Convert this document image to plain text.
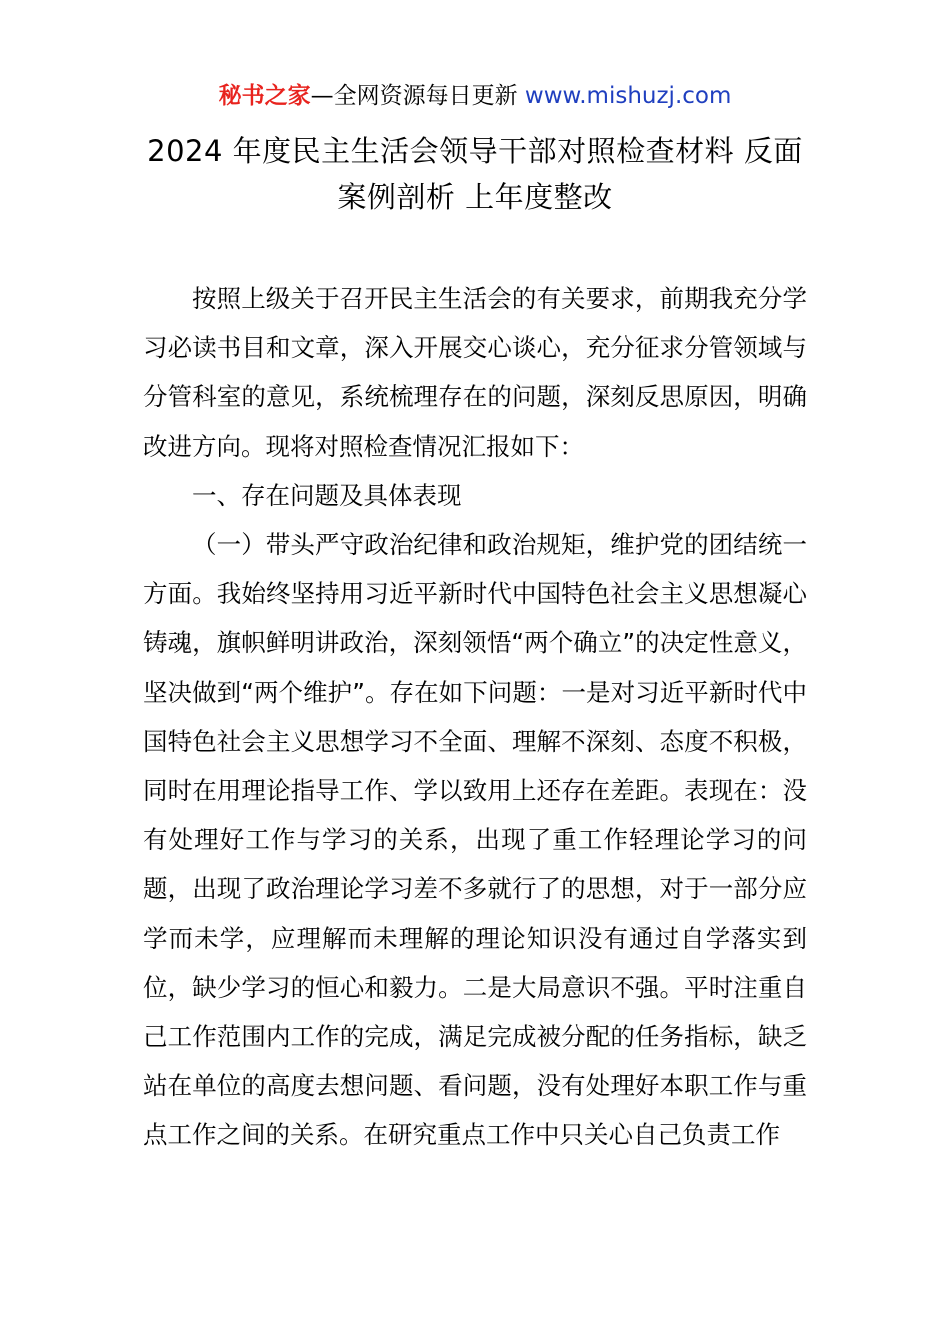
秘书之家—全网资源每日更新 www.mishuzj.com
2024 年度民主生活会领导干部对照检查材料 反面案例剖析 上年度整改

按照上级关于召开民主生活会的有关要求，前期我充分学习必读书目和文章，深入开展交心谈心，充分征求分管领域与分管科室的意见，系统梳理存在的问题，深刻反思原因，明确改进方向。现将对照检查情况汇报如下：

一、存在问题及具体表现

（一）带头严守政治纪律和政治规矩，维护党的团结统一方面。我始终坚持用习近平新时代中国特色社会主义思想凝心铸魂，旗帜鲜明讲政治，深刻领悟“两个确立”的决定性意义，坚决做到“两个维护”。存在如下问题：一是对习近平新时代中国特色社会主义思想学习不全面、理解不深刻、态度不积极，同时在用理论指导工作、学以致用上还存在差距。表现在：没有处理好工作与学习的关系，出现了重工作轻理论学习的问题，出现了政治理论学习差不多就行了的思想，对于一部分应学而未学，应理解而未理解的理论知识没有通过自学落实到位，缺少学习的恒心和毅力。二是大局意识不强。平时注重自己工作范围内工作的完成，满足完成被分配的任务指标，缺乏站在单位的高度去想问题、看问题，没有处理好本职工作与重点工作之间的关系。在研究重点工作中只关心自己负责工作
